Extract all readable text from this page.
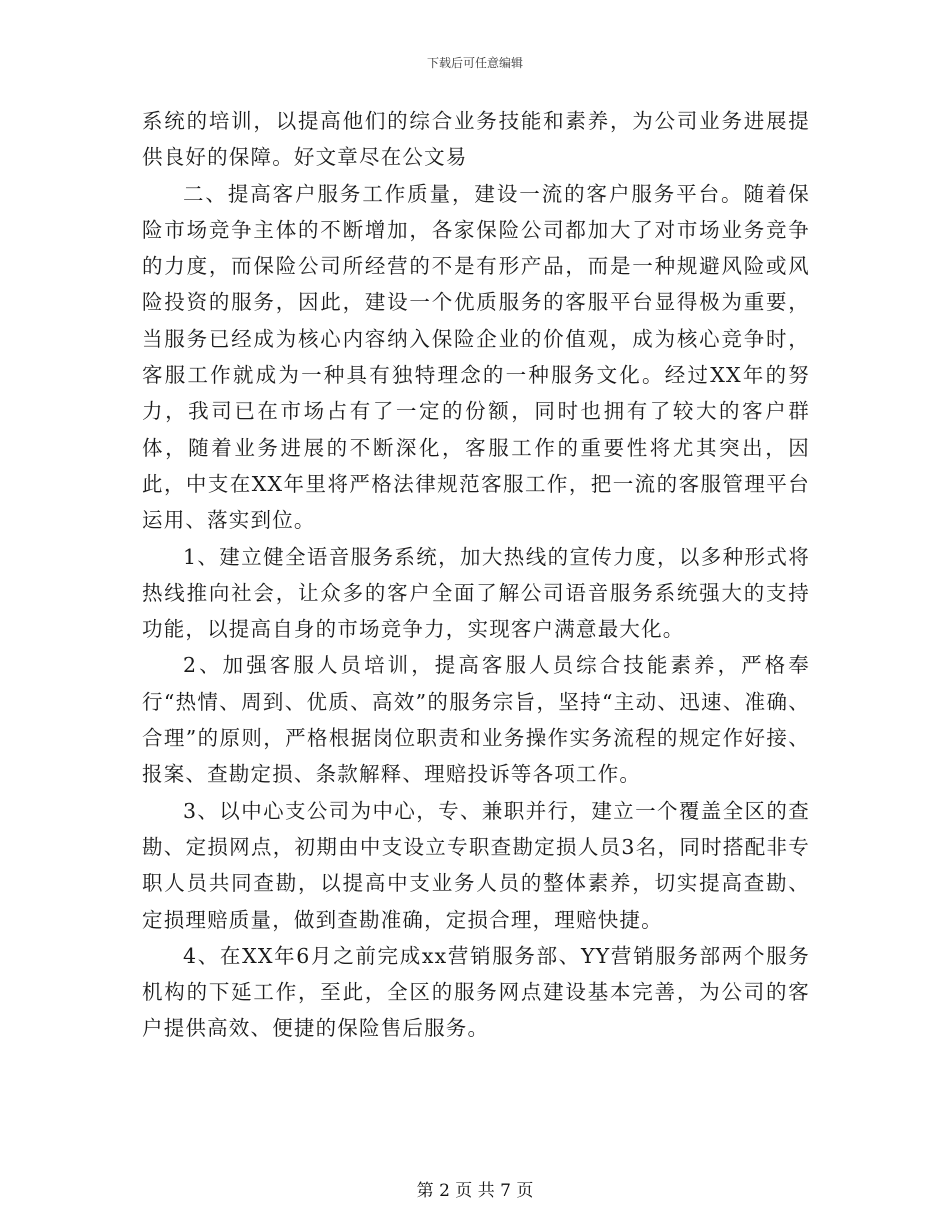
下载后可任意编辑

系统的培训，以提高他们的综合业务技能和素养，为公司业务进展提供良好的保障。好文章尽在公文易

二、提高客户服务工作质量，建设一流的客户服务平台。随着保险市场竞争主体的不断增加，各家保险公司都加大了对市场业务竞争的力度，而保险公司所经营的不是有形产品，而是一种规避风险或风险投资的服务，因此，建设一个优质服务的客服平台显得极为重要，当服务已经成为核心内容纳入保险企业的价值观，成为核心竞争时，客服工作就成为一种具有独特理念的一种服务文化。经过XX年的努力，我司已在市场占有了一定的份额，同时也拥有了较大的客户群体，随着业务进展的不断深化，客服工作的重要性将尤其突出，因此，中支在XX年里将严格法律规范客服工作，把一流的客服管理平台运用、落实到位。

1、建立健全语音服务系统，加大热线的宣传力度，以多种形式将热线推向社会，让众多的客户全面了解公司语音服务系统强大的支持功能，以提高自身的市场竞争力，实现客户满意最大化。

2、加强客服人员培训，提高客服人员综合技能素养，严格奉行“热情、周到、优质、高效”的服务宗旨，坚持“主动、迅速、准确、合理”的原则，严格根据岗位职责和业务操作实务流程的规定作好接、报案、查勘定损、条款解释、理赔投诉等各项工作。

3、以中心支公司为中心，专、兼职并行，建立一个覆盖全区的查勘、定损网点，初期由中支设立专职查勘定损人员3名，同时搭配非专职人员共同查勘，以提高中支业务人员的整体素养，切实提高查勘、定损理赔质量，做到查勘准确，定损合理，理赔快捷。

4、在XX年6月之前完成xx营销服务部、YY营销服务部两个服务机构的下延工作，至此，全区的服务网点建设基本完善，为公司的客户提供高效、便捷的保险售后服务。

第 2 页 共 7 页
